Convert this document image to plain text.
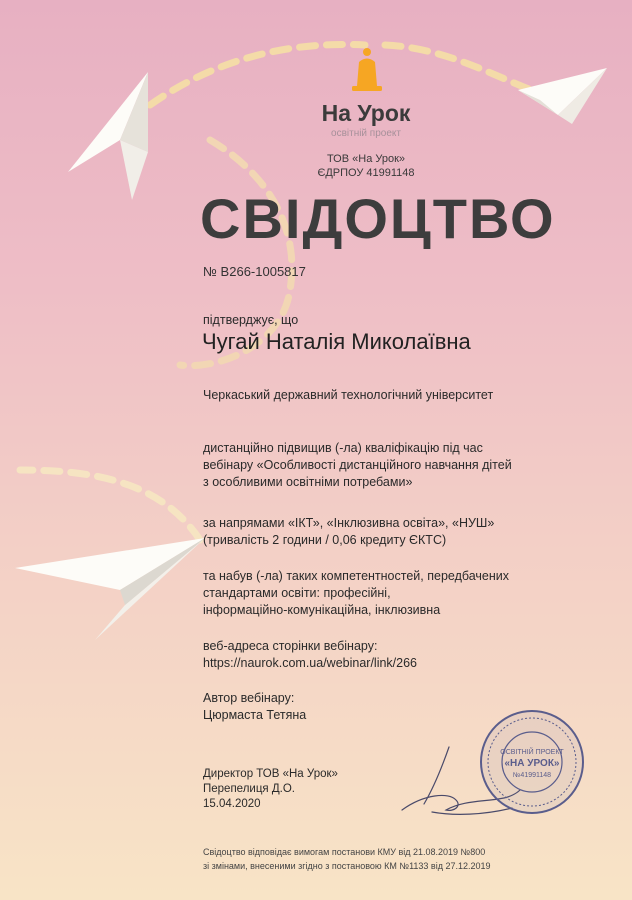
На Урок
освітній проект
ТОВ «На Урок»
ЄДРПОУ 41991148
СВІДОЦТВО
№ В266-1005817
підтверджує, що
Чугай Наталія Миколаївна
Черкаський державний технологічний університет
дистанційно підвищив (-ла) кваліфікацію під час
вебінару «Особливості дистанційного навчання дітей
з особливими освітніми потребами»
за напрямами «ІКТ», «Інклюзивна освіта», «НУШ»
(тривалість 2 години / 0,06 кредиту ЄКТС)
та набув (-ла) таких компетентностей, передбачених
стандартами освіти: професійні,
інформаційно-комунікаційна, інклюзивна
веб-адреса сторінки вебінару:
https://naurok.com.ua/webinar/link/266
Автор вебінару:
Цюрмаста Тетяна
Директор ТОВ «На Урок»
Перепелиця Д.О.
15.04.2020
ОСВІТНІЙ ПРОЕКТ
«НА УРОК»
№41991148
Свідоцтво відповідає вимогам постанови КМУ від 21.08.2019 №800
зі змінами, внесеними згідно з постановою КМ №1133 від 27.12.2019
